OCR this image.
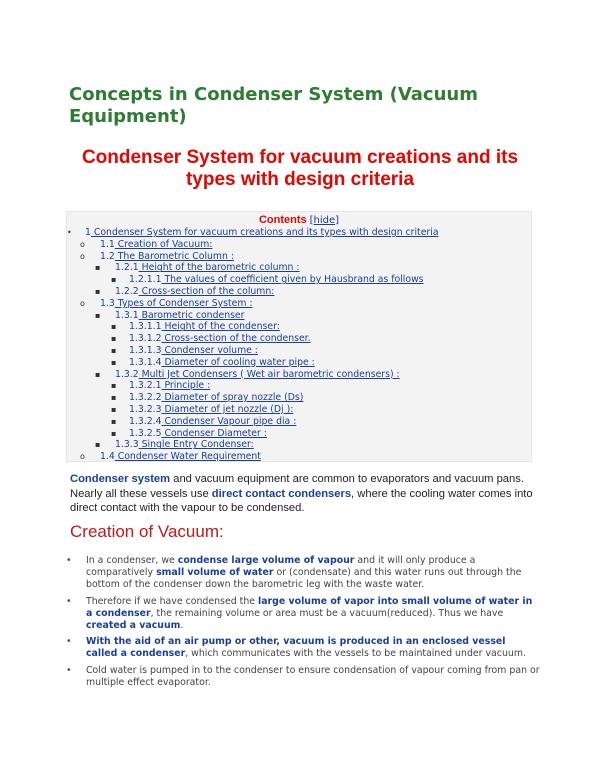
Concepts in Condenser System (Vacuum Equipment)
Condenser System for vacuum creations and its types with design criteria
Contents [hide]
• 1 Condenser System for vacuum creations and its types with design criteria
o 1.1 Creation of Vacuum:
o 1.2 The Barometric Column :
▪ 1.2.1 Height of the barometric column :
▪ 1.2.1.1 The values of coefficient given by Hausbrand as follows
▪ 1.2.2 Cross-section of the column:
o 1.3 Types of Condenser System :
▪ 1.3.1 Barometric condenser
▪ 1.3.1.1 Height of the condenser:
▪ 1.3.1.2 Cross-section of the condenser.
▪ 1.3.1.3 Condenser volume :
▪ 1.3.1.4 Diameter of cooling water pipe :
▪ 1.3.2 Multi Jet Condensers ( Wet air barometric condensers) :
▪ 1.3.2.1 Principle :
▪ 1.3.2.2 Diameter of spray nozzle (Ds)
▪ 1.3.2.3 Diameter of jet nozzle (Dj ):
▪ 1.3.2.4 Condenser Vapour pipe dia :
▪ 1.3.2.5 Condenser Diameter :
▪ 1.3.3 Single Entry Condenser:
o 1.4 Condenser Water Requirement

Condenser system and vacuum equipment are common to evaporators and vacuum pans. Nearly all these vessels use direct contact condensers, where the cooling water comes into direct contact with the vapour to be condensed.

Creation of Vacuum:
• In a condenser, we condense large volume of vapour and it will only produce a comparatively small volume of water or (condensate) and this water runs out through the bottom of the condenser down the barometric leg with the waste water.
• Therefore if we have condensed the large volume of vapor into small volume of water in a condenser, the remaining volume or area must be a vacuum(reduced). Thus we have created a vacuum.
• With the aid of an air pump or other, vacuum is produced in an enclosed vessel called a condenser, which communicates with the vessels to be maintained under vacuum.
• Cold water is pumped in to the condenser to ensure condensation of vapour coming from pan or multiple effect evaporator.
